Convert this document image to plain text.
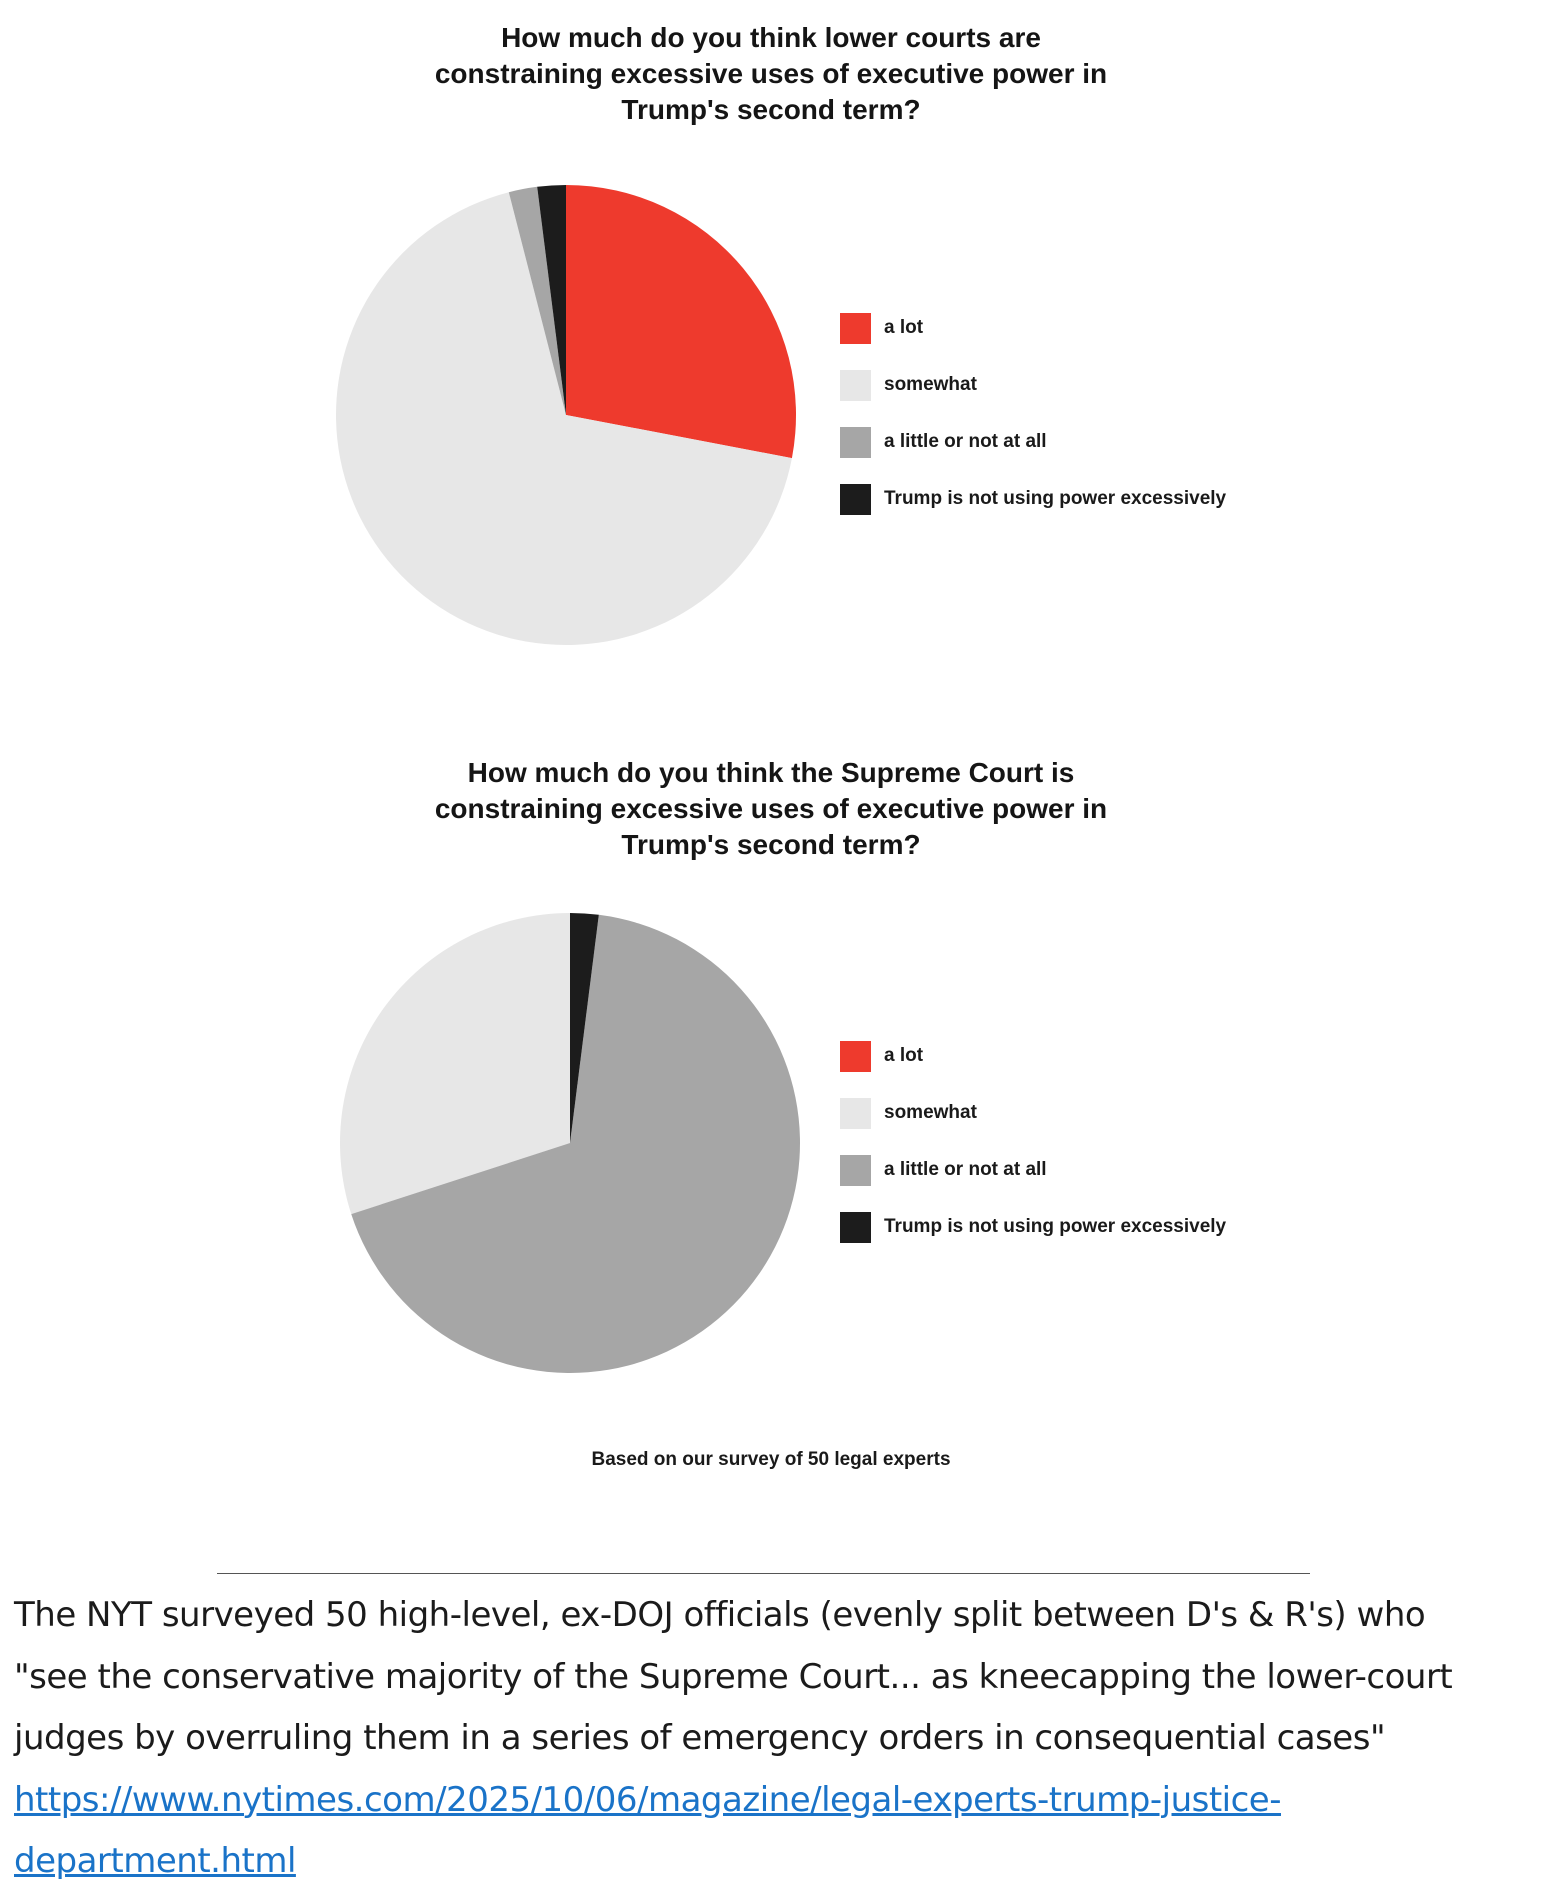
How much do you think lower courts are
constraining excessive uses of executive power in
Trump's second term?
a lot
somewhat
a little or not at all
Trump is not using power excessively
How much do you think the Supreme Court is
constraining excessive uses of executive power in
Trump's second term?
a lot
somewhat
a little or not at all
Trump is not using power excessively
Based on our survey of 50 legal experts

The NYT surveyed 50 high-level, ex-DOJ officials (evenly split between D's & R's) who

"see the conservative majority of the Supreme Court... as kneecapping the lower-court

judges by overruling them in a series of emergency orders in consequential cases"

https://www.nytimes.com/2025/10/06/magazine/legal-experts-trump-justice-

department.html
